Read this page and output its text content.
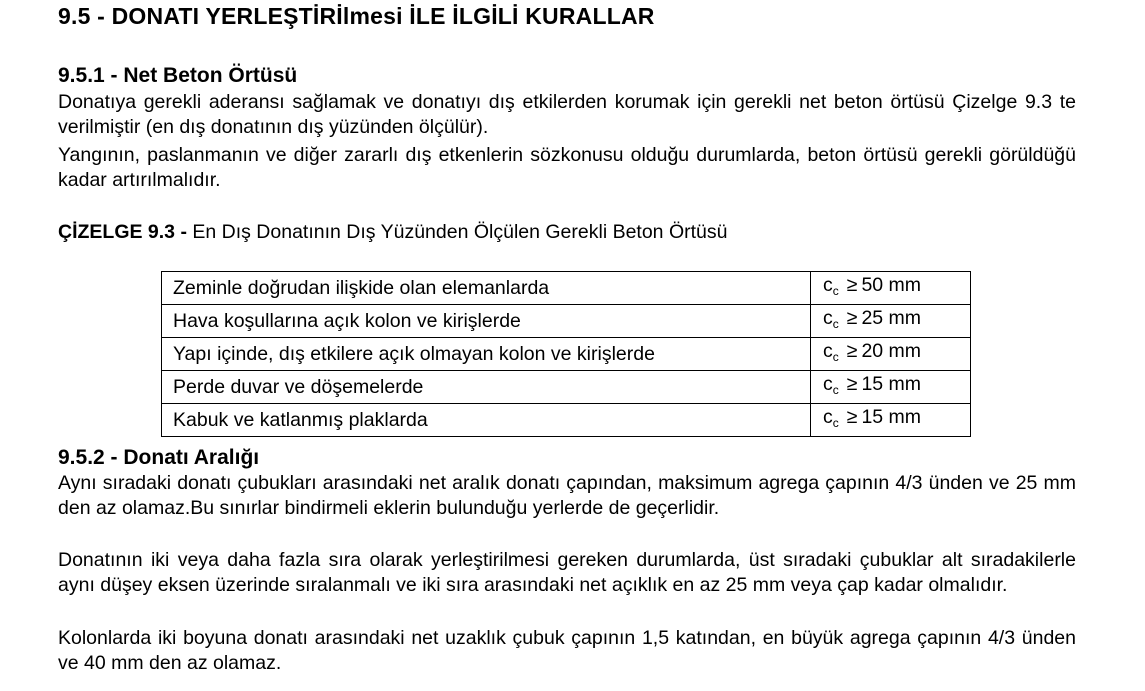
9.5 - DONATI YERLEŞTİRİlmesi İLE İLGİLİ KURALLAR
9.5.1 - Net Beton Örtüsü

Donatıya gerekli aderansı sağlamak ve donatıyı dış etkilerden korumak için gerekli net beton örtüsü Çizelge 9.3 te verilmiştir (en dış donatının dış yüzünden ölçülür).

Yangının, paslanmanın ve diğer zararlı dış etkenlerin sözkonusu olduğu durumlarda, beton örtüsü gerekli görüldüğü kadar artırılmalıdır.

ÇİZELGE 9.3 - En Dış Donatının Dış Yüzünden Ölçülen Gerekli Beton Örtüsü
Zeminle doğrudan ilişkide olan elemanlarda	$c_c \ge 50$ mm
Hava koşullarına açık kolon ve kirişlerde	$c_c \ge 25$ mm
Yapı içinde, dış etkilere açık olmayan kolon ve kirişlerde	$c_c \ge 20$ mm
Perde duvar ve döşemelerde	$c_c \ge 15$ mm
Kabuk ve katlanmış plaklarda	$c_c \ge 15$ mm
9.5.2 - Donatı Aralığı

Aynı sıradaki donatı çubukları arasındaki net aralık donatı çapından, maksimum agrega çapının 4/3 ünden ve 25 mm den az olamaz.Bu sınırlar bindirmeli eklerin bulunduğu yerlerde de geçerlidir.

Donatının iki veya daha fazla sıra olarak yerleştirilmesi gereken durumlarda, üst sıradaki çubuklar alt sıradakilerle aynı düşey eksen üzerinde sıralanmalı ve iki sıra arasındaki net açıklık en az 25 mm veya çap kadar olmalıdır.

Kolonlarda iki boyuna donatı arasındaki net uzaklık çubuk çapının 1,5 katından, en büyük agrega çapının 4/3 ünden ve 40 mm den az olamaz.
